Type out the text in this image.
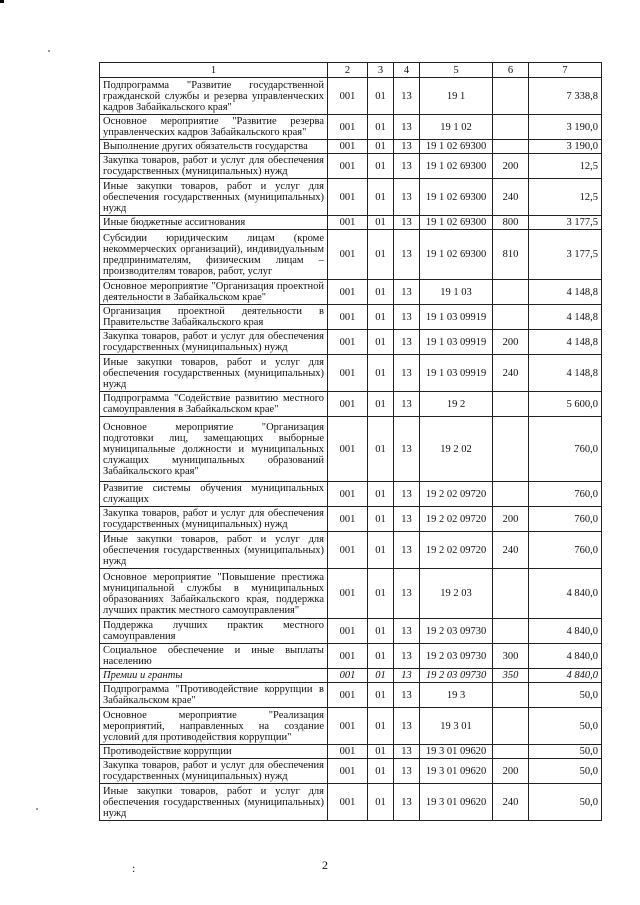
1	2	3	4	5	6	7
Подпрограмма "Развитие государственной гражданской службы и резерва управленческих кадров Забайкальского края"	001	01	13	19 1		7 338,8
Основное мероприятие "Развитие резерва управленческих кадров Забайкальского края"	001	01	13	19 1 02		3 190,0
Выполнение других обязательств государства	001	01	13	19 1 02 69300		3 190,0
Закупка товаров, работ и услуг для обеспечения государственных (муниципальных) нужд	001	01	13	19 1 02 69300	200	12,5
Иные закупки товаров, работ и услуг для обеспечения государственных (муниципальных) нужд	001	01	13	19 1 02 69300	240	12,5
Иные бюджетные ассигнования	001	01	13	19 1 02 69300	800	3 177,5
Субсидии юридическим лицам (кроме некоммерческих организаций), индивидуальным предпринимателям, физическим лицам – производителям товаров, работ, услуг	001	01	13	19 1 02 69300	810	3 177,5
Основное мероприятие "Организация проектной деятельности в Забайкальском крае"	001	01	13	19 1 03		4 148,8
Организация проектной деятельности в Правительстве Забайкальского края	001	01	13	19 1 03 09919		4 148,8
Закупка товаров, работ и услуг для обеспечения государственных (муниципальных) нужд	001	01	13	19 1 03 09919	200	4 148,8
Иные закупки товаров, работ и услуг для обеспечения государственных (муниципальных) нужд	001	01	13	19 1 03 09919	240	4 148,8
Подпрограмма "Содействие развитию местного самоуправления в Забайкальском крае"	001	01	13	19 2		5 600,0
Основное мероприятие "Организация подготовки лиц, замещающих выборные муниципальные должности и муниципальных служащих муниципальных образований Забайкальского края"	001	01	13	19 2 02		760,0
Развитие системы обучения муниципальных служащих	001	01	13	19 2 02 09720		760,0
Закупка товаров, работ и услуг для обеспечения государственных (муниципальных) нужд	001	01	13	19 2 02 09720	200	760,0
Иные закупки товаров, работ и услуг для обеспечения государственных (муниципальных) нужд	001	01	13	19 2 02 09720	240	760,0
Основное мероприятие "Повышение престижа муниципальной службы в муниципальных образованиях Забайкальского края, поддержка лучших практик местного самоуправления"	001	01	13	19 2 03		4 840,0
Поддержка лучших практик местного самоуправления	001	01	13	19 2 03 09730		4 840,0
Социальное обеспечение и иные выплаты населению	001	01	13	19 2 03 09730	300	4 840,0
Премии и гранты	001	01	13	19 2 03 09730	350	4 840,0
Подпрограмма "Противодействие коррупции в Забайкальском крае"	001	01	13	19 3		50,0
Основное мероприятие "Реализация мероприятий, направленных на создание условий для противодействия коррупции"	001	01	13	19 3 01		50,0
Противодействие коррупции	001	01	13	19 3 01 09620		50,0
Закупка товаров, работ и услуг для обеспечения государственных (муниципальных) нужд	001	01	13	19 3 01 09620	200	50,0
Иные закупки товаров, работ и услуг для обеспечения государственных (муниципальных) нужд	001	01	13	19 3 01 09620	240	50,0
:	2
